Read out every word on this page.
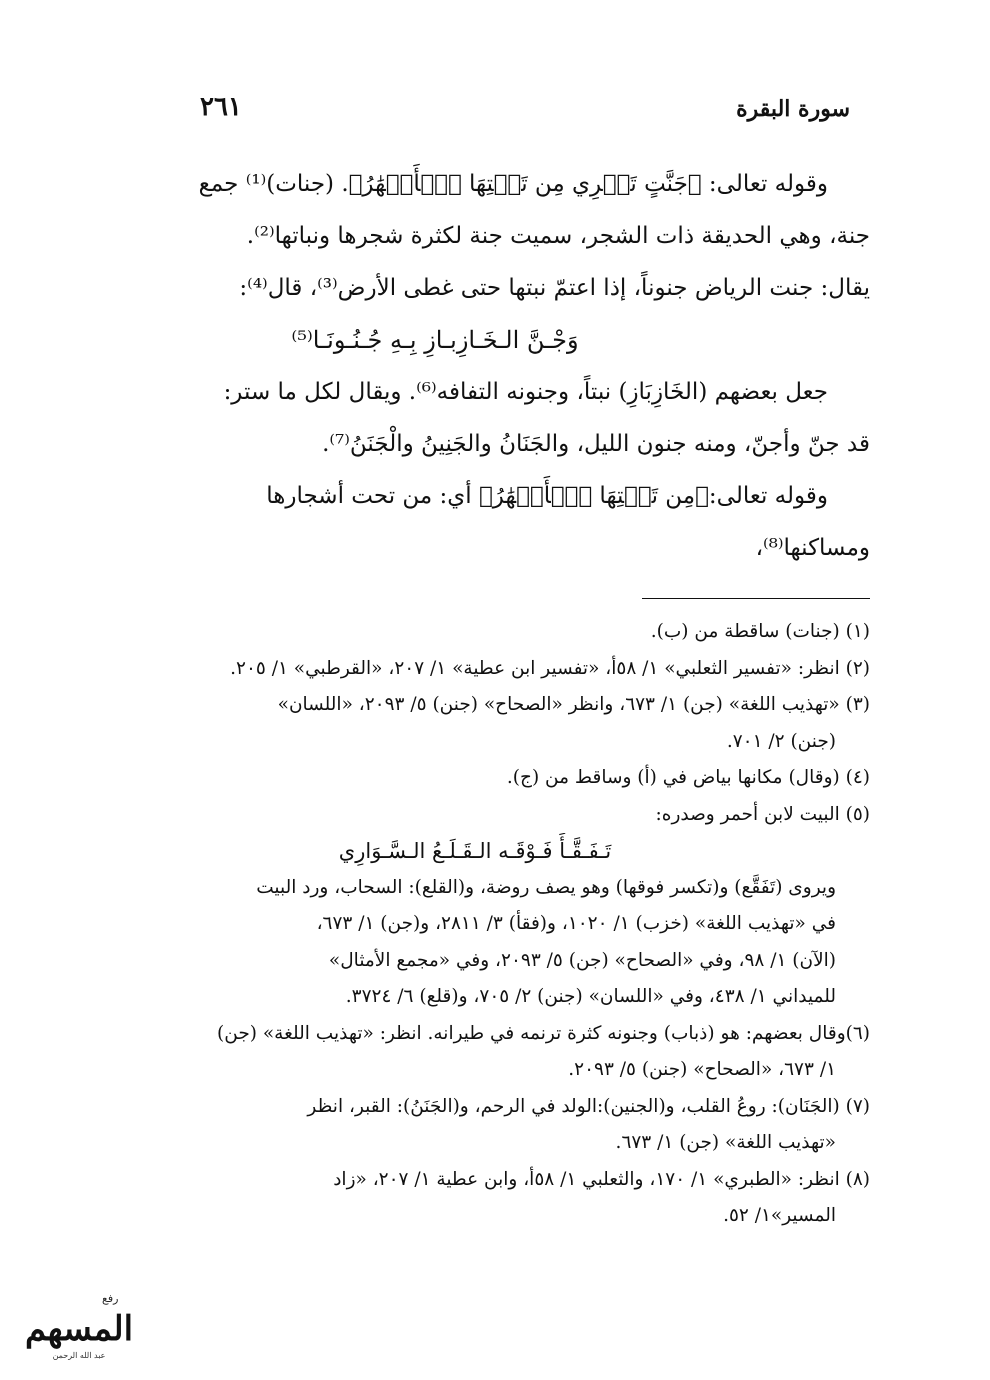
سورة البقرة
٢٦١
وقوله تعالى: ﴿جَنَّتٍ تَجۡرِي مِن تَحۡتِهَا ٱلۡأَنۡهَٰرُ﴾. (جنات)⁽¹⁾ جمع
جنة، وهي الحديقة ذات الشجر، سميت جنة لكثرة شجرها ونباتها⁽²⁾.
يقال: جنت الرياض جنوناً، إذا اعتمّ نبتها حتى غطى الأرض⁽³⁾، قال⁽⁴⁾:
وَجْـنَّ الـخَـازِبـازِ بِـهِ جُـنُـونَـا⁽⁵⁾
جعل بعضهم (الخَازِبَازِ) نبتاً، وجنونه التفافه⁽⁶⁾. ويقال لكل ما ستر:
قد جنّ وأجنّ، ومنه جنون الليل، والجَنَانُ والجَنِينُ والْجَنَنُ⁽⁷⁾.
وقوله تعالى:﴿مِن تَحۡتِهَا ٱلۡأَنۡهَٰرُ﴾ أي: من تحت أشجارها
ومساكنها⁽⁸⁾،
(١) (جنات) ساقطة من (ب).
(٢) انظر: «تفسير الثعلبي» ١/ ٥٨أ، «تفسير ابن عطية» ١/ ٢٠٧، «القرطبي» ١/ ٢٠٥.
(٣) «تهذيب اللغة» (جن) ١/ ٦٧٣، وانظر «الصحاح» (جنن) ٥/ ٢٠٩٣، «اللسان»
(جنن) ٢/ ٧٠١.
(٤) (وقال) مكانها بياض في (أ) وساقط من (ج).
(٥) البيت لابن أحمر وصدره:
تَـفَـقَّـأَ فَـوْقَـه الـقَـلَـعُ الـسَّـوَارِي
ويروى (تَفَقَّع) و(تكسر فوقها) وهو يصف روضة، و(القلع): السحاب، ورد البيت
في «تهذيب اللغة» (خزب) ١/ ١٠٢٠، و(فقأ) ٣/ ٢٨١١، و(جن) ١/ ٦٧٣،
(الآن) ١/ ٩٨، وفي «الصحاح» (جن) ٥/ ٢٠٩٣، وفي «مجمع الأمثال»
للميداني ١/ ٤٣٨، وفي «اللسان» (جنن) ٢/ ٧٠٥، و(قلع) ٦/ ٣٧٢٤.
(٦)وقال بعضهم: هو (ذباب) وجنونه كثرة ترنمه في طيرانه. انظر: «تهذيب اللغة» (جن)
١/ ٦٧٣، «الصحاح» (جنن) ٥/ ٢٠٩٣.
(٧) (الجَنَان): روعُ القلب، و(الجنين):الولد في الرحم، و(الجَنَنُ): القبر، انظر
«تهذيب اللغة» (جن) ١/ ٦٧٣.
(٨) انظر: «الطبري» ١/ ١٧٠، والثعلبي ١/ ٥٨أ، وابن عطية ١/ ٢٠٧، «زاد
المسير»١/ ٥٢.
رفع
المسهم
عبد الله الرحمن
